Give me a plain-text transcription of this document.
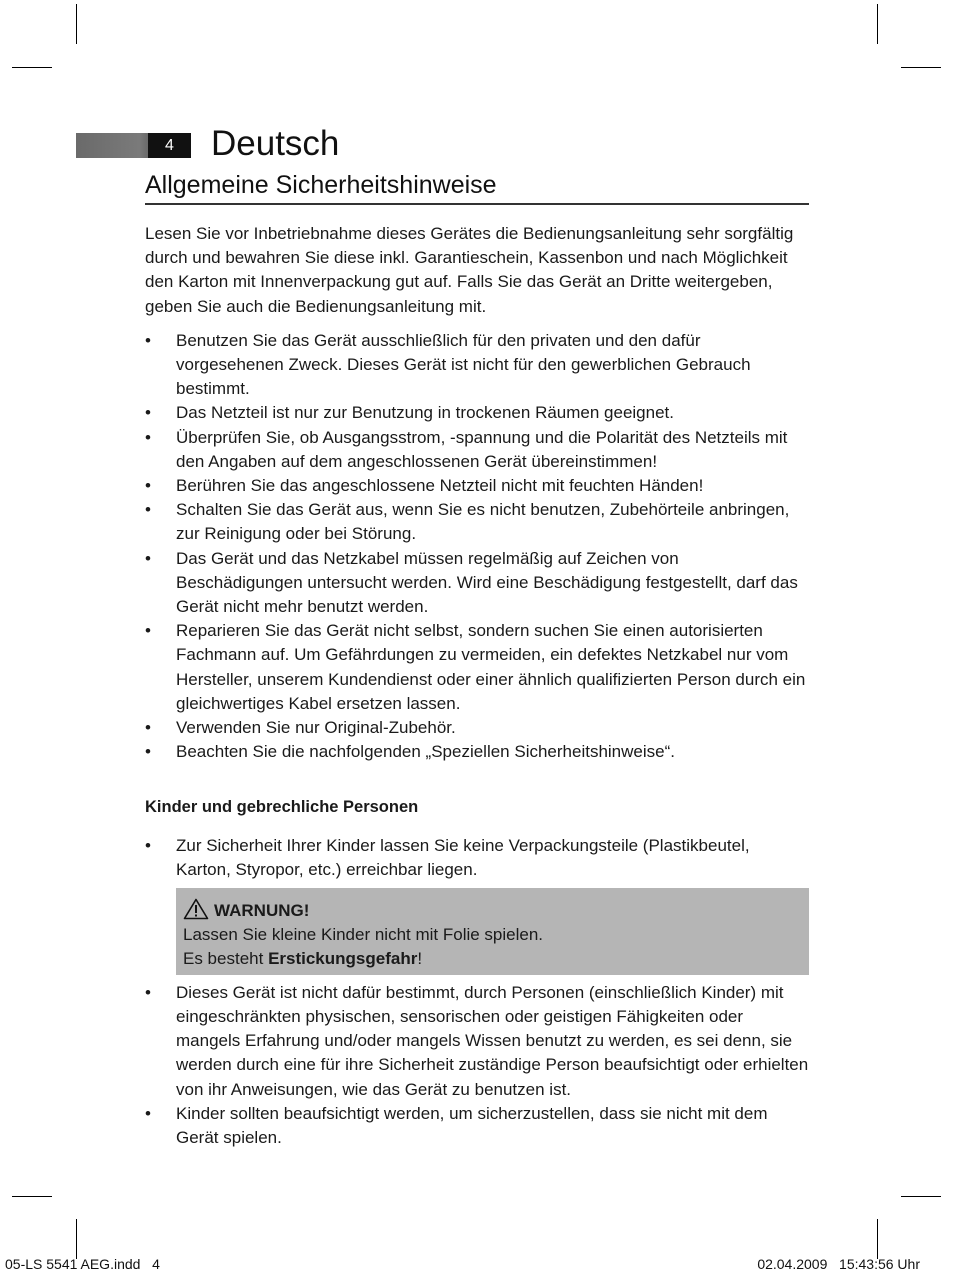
4	Deutsch
Allgemeine Sicherheitshinweise

Lesen Sie vor Inbetriebnahme dieses Gerätes die Bedienungsanleitung sehr sorgfältig durch und bewahren Sie diese inkl. Garantieschein, Kassenbon und nach Möglichkeit den Karton mit Innenverpackung gut auf. Falls Sie das Gerät an Dritte weitergeben, geben Sie auch die Bedienungsanleitung mit.

• Benutzen Sie das Gerät ausschließlich für den privaten und den dafür vorgesehenen Zweck. Dieses Gerät ist nicht für den gewerblichen Gebrauch bestimmt.
• Das Netzteil ist nur zur Benutzung in trockenen Räumen geeignet.
• Überprüfen Sie, ob Ausgangsstrom, -spannung und die Polarität des Netzteils mit den Angaben auf dem angeschlossenen Gerät übereinstimmen!
• Berühren Sie das angeschlossene Netzteil nicht mit feuchten Händen!
• Schalten Sie das Gerät aus, wenn Sie es nicht benutzen, Zubehörteile anbringen, zur Reinigung oder bei Störung.
• Das Gerät und das Netzkabel müssen regelmäßig auf Zeichen von Beschädigungen untersucht werden. Wird eine Beschädigung festgestellt, darf das Gerät nicht mehr benutzt werden.
• Reparieren Sie das Gerät nicht selbst, sondern suchen Sie einen autorisierten Fachmann auf. Um Gefährdungen zu vermeiden, ein defektes Netzkabel nur vom Hersteller, unserem Kundendienst oder einer ähnlich qualifizierten Person durch ein gleichwertiges Kabel ersetzen lassen.
• Verwenden Sie nur Original-Zubehör.
• Beachten Sie die nachfolgenden „Speziellen Sicherheitshinweise“.

Kinder und gebrechliche Personen

• Zur Sicherheit Ihrer Kinder lassen Sie keine Verpackungsteile (Plastikbeutel, Karton, Styropor, etc.) erreichbar liegen.
WARNUNG!
Lassen Sie kleine Kinder nicht mit Folie spielen.
Es besteht Erstickungsgefahr!
• Dieses Gerät ist nicht dafür bestimmt, durch Personen (einschließlich Kinder) mit eingeschränkten physischen, sensorischen oder geistigen Fähigkeiten oder mangels Erfahrung und/oder mangels Wissen benutzt zu werden, es sei denn, sie werden durch eine für ihre Sicherheit zuständige Person beaufsichtigt oder erhielten von ihr Anweisungen, wie das Gerät zu benutzen ist.
• Kinder sollten beaufsichtigt werden, um sicherzustellen, dass sie nicht mit dem Gerät spielen.
05-LS 5541 AEG.indd   4	02.04.2009   15:43:56 Uhr
